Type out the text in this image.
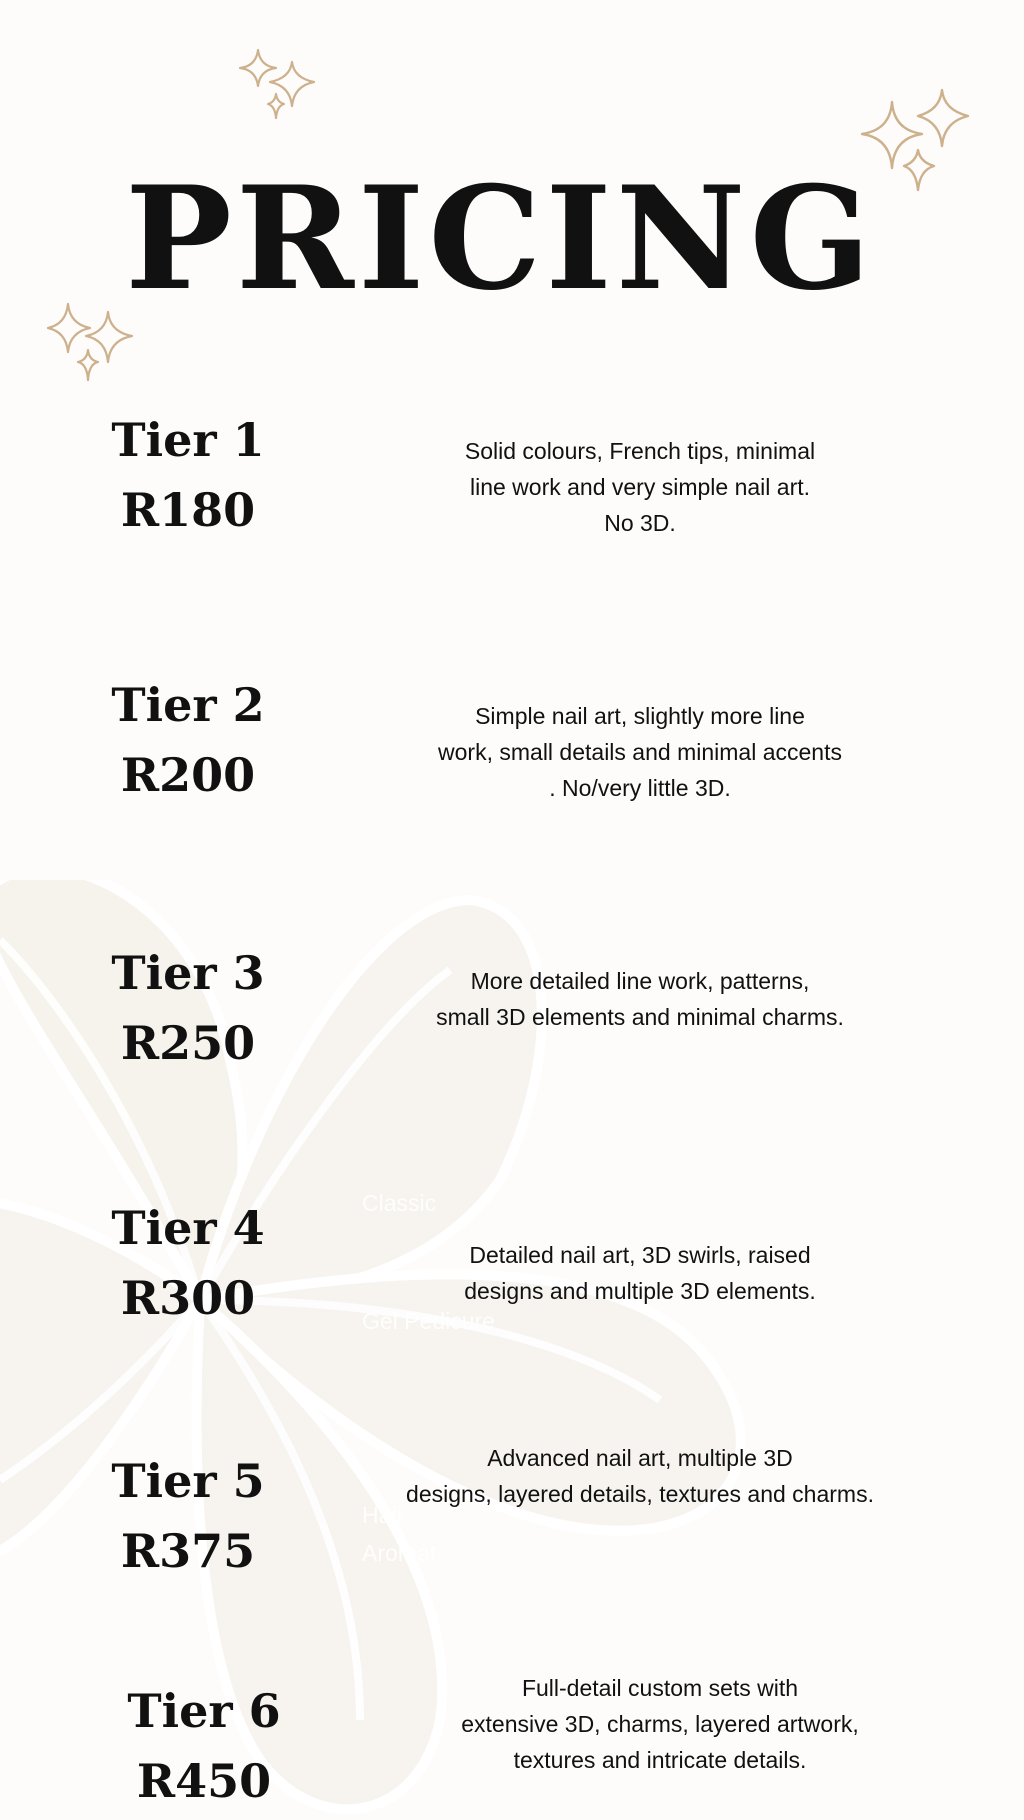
Classic
Gel Pedicure
Hair
Aromat
PRICING
Tier 1
R180
Solid colours, French tips, minimal
line work and very simple nail art.
No 3D.
Tier 2
R200
Simple nail art, slightly more line
work, small details and minimal accents
. No/very little 3D.
Tier 3
R250
More detailed line work, patterns,
small 3D elements and minimal charms.
Tier 4
R300
Detailed nail art, 3D swirls, raised
designs and multiple 3D elements.
Tier 5
R375
Advanced nail art, multiple 3D
designs, layered details, textures and charms.
Tier 6
R450
Full-detail custom sets with
extensive 3D, charms, layered artwork,
textures and intricate details.
